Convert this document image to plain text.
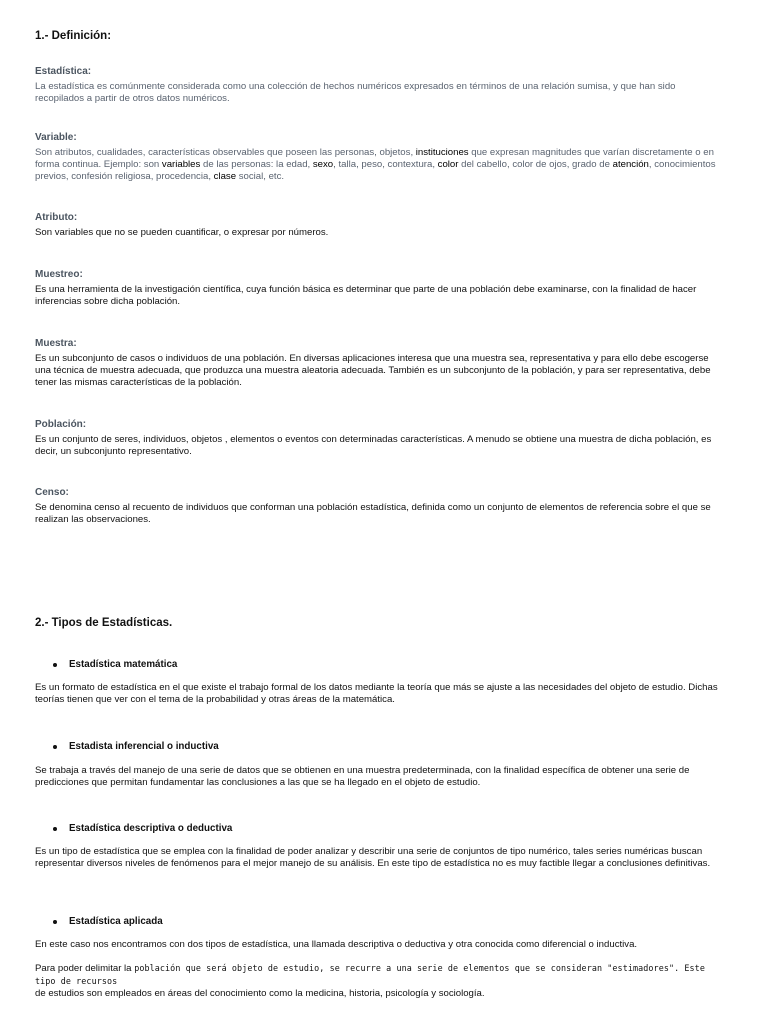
1.- Definición:

Estadística:

La estadística es comúnmente considerada como una colección de hechos numéricos expresados en términos de una relación sumisa, y que han sido recopilados a partir de otros datos numéricos.

Variable:

Son atributos, cualidades, características observables que poseen las personas, objetos, instituciones que expresan magnitudes que varían discretamente o en forma continua. Ejemplo: son variables de las personas: la edad, sexo, talla, peso, contextura, color del cabello, color de ojos, grado de atención, conocimientos previos, confesión religiosa, procedencia, clase social, etc.

Atributo:

Son variables que no se pueden cuantificar, o expresar por números.

Muestreo:

Es una herramienta de la investigación científica, cuya función básica es determinar que parte de una población debe examinarse, con la finalidad de hacer inferencias sobre dicha población.

Muestra:

Es un subconjunto de casos o individuos de una población. En diversas aplicaciones interesa que una muestra sea, representativa y para ello debe escogerse una técnica de muestra adecuada, que produzca una muestra aleatoria adecuada. También es un subconjunto de la población, y para ser representativa, debe tener las mismas características de la población.

Población:

Es un conjunto de seres, individuos, objetos , elementos o eventos con determinadas características. A menudo se obtiene una muestra de dicha población, es decir, un subconjunto representativo.

Censo:

Se denomina censo al recuento de individuos que conforman una población estadística, definida como un conjunto de elementos de referencia sobre el que se realizan las observaciones.

2.- Tipos de Estadísticas.

Estadística matemática

Es un formato de estadística en el que existe el trabajo formal de los datos mediante la teoría que más se ajuste a las necesidades del objeto de estudio. Dichas teorías tienen que ver con el tema de la probabilidad y otras áreas de la matemática.

Estadista inferencial o inductiva

Se trabaja a través del manejo de una serie de datos que se obtienen en una muestra predeterminada, con la finalidad específica de obtener una serie de predicciones que permitan fundamentar las conclusiones a las que se ha llegado en el objeto de estudio.

Estadística descriptiva o deductiva

Es un tipo de estadística que se emplea con la finalidad de poder analizar y describir una serie de conjuntos de tipo numérico, tales series numéricas buscan representar diversos niveles de fenómenos para el mejor manejo de su análisis. En este tipo de estadística no es muy factible llegar a conclusiones definitivas.

Estadística aplicada

En este caso nos encontramos con dos tipos de estadística, una llamada descriptiva o deductiva y otra conocida como diferencial o inductiva.

Para poder delimitar la población que será objeto de estudio, se recurre a una serie de elementos que se consideran "estimadores". Este tipo de recursos
de estudios son empleados en áreas del conocimiento como la medicina, historia, psicología y sociología.
